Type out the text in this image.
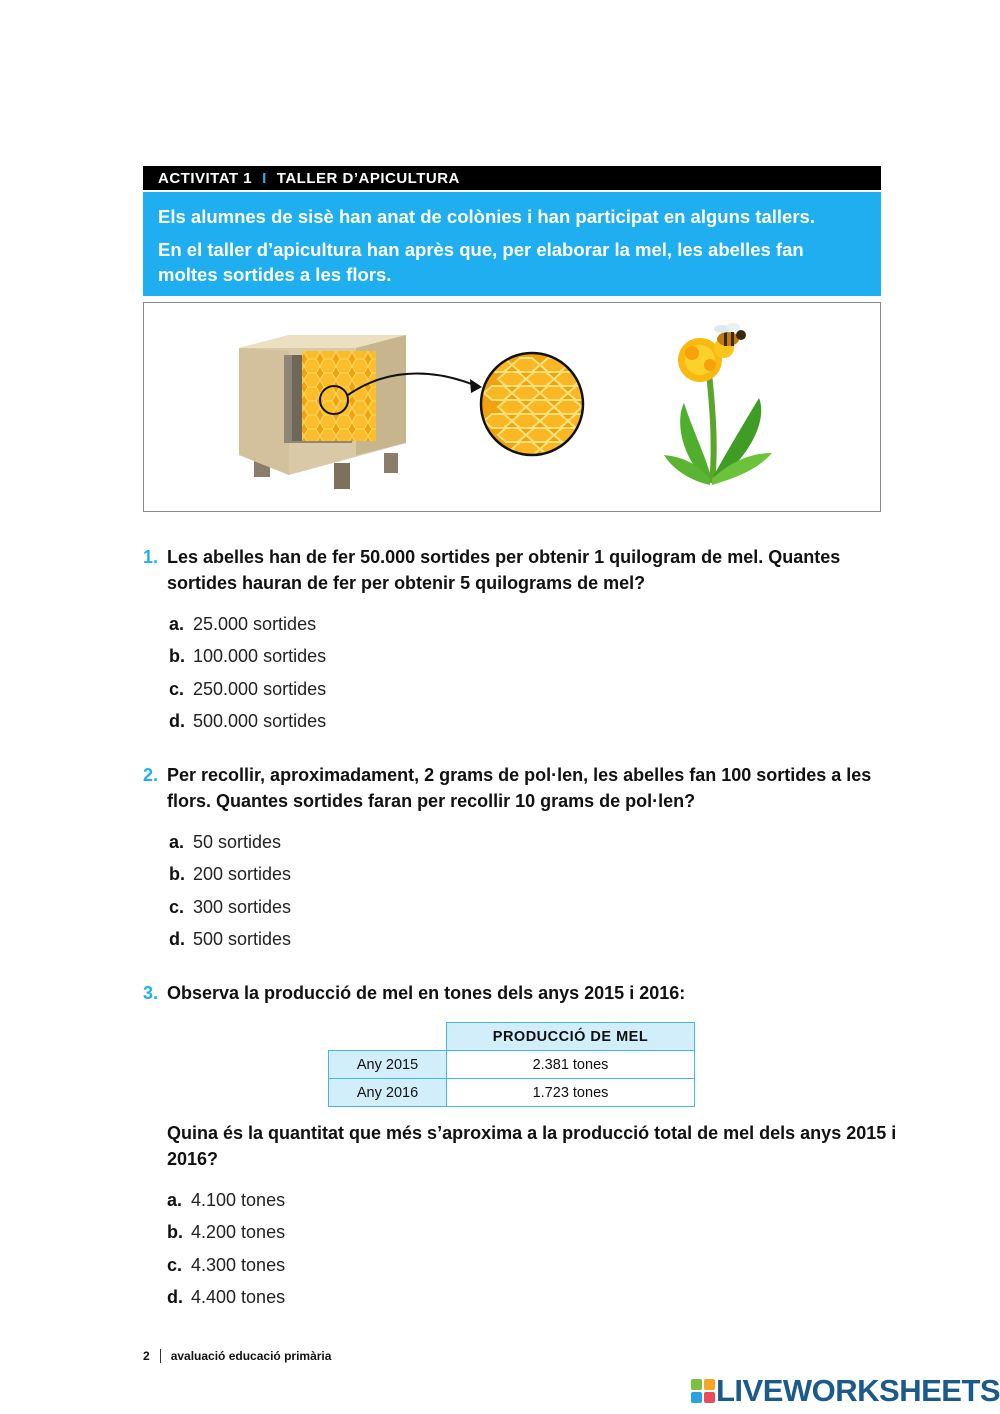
ACTIVITAT 1 I TALLER D’APICULTURA

Els alumnes de sisè han anat de colònies i han participat en alguns tallers.

En el taller d’apicultura han après que, per elaborar la mel, les abelles fan moltes sortides a les flors.

1. Les abelles han de fer 50.000 sortides per obtenir 1 quilogram de mel. Quantes sortides hauran de fer per obtenir 5 quilograms de mel?
a. 25.000 sortides
b. 100.000 sortides
c. 250.000 sortides
d. 500.000 sortides
2. Per recollir, aproximadament, 2 grams de pol·len, les abelles fan 100 sortides a les flors. Quantes sortides faran per recollir 10 grams de pol·len?
a. 50 sortides
b. 200 sortides
c. 300 sortides
d. 500 sortides
3. Observa la producció de mel en tones dels anys 2015 i 2016:
	PRODUCCIÓ DE MEL
Any 2015	2.381 tones
Any 2016	1.723 tones
Quina és la quantitat que més s’aproxima a la producció total de mel dels anys 2015 i 2016?
a. 4.100 tones
b. 4.200 tones
c. 4.300 tones
d. 4.400 tones
2 avaluació educació primària
LIVEWORKSHEETS
